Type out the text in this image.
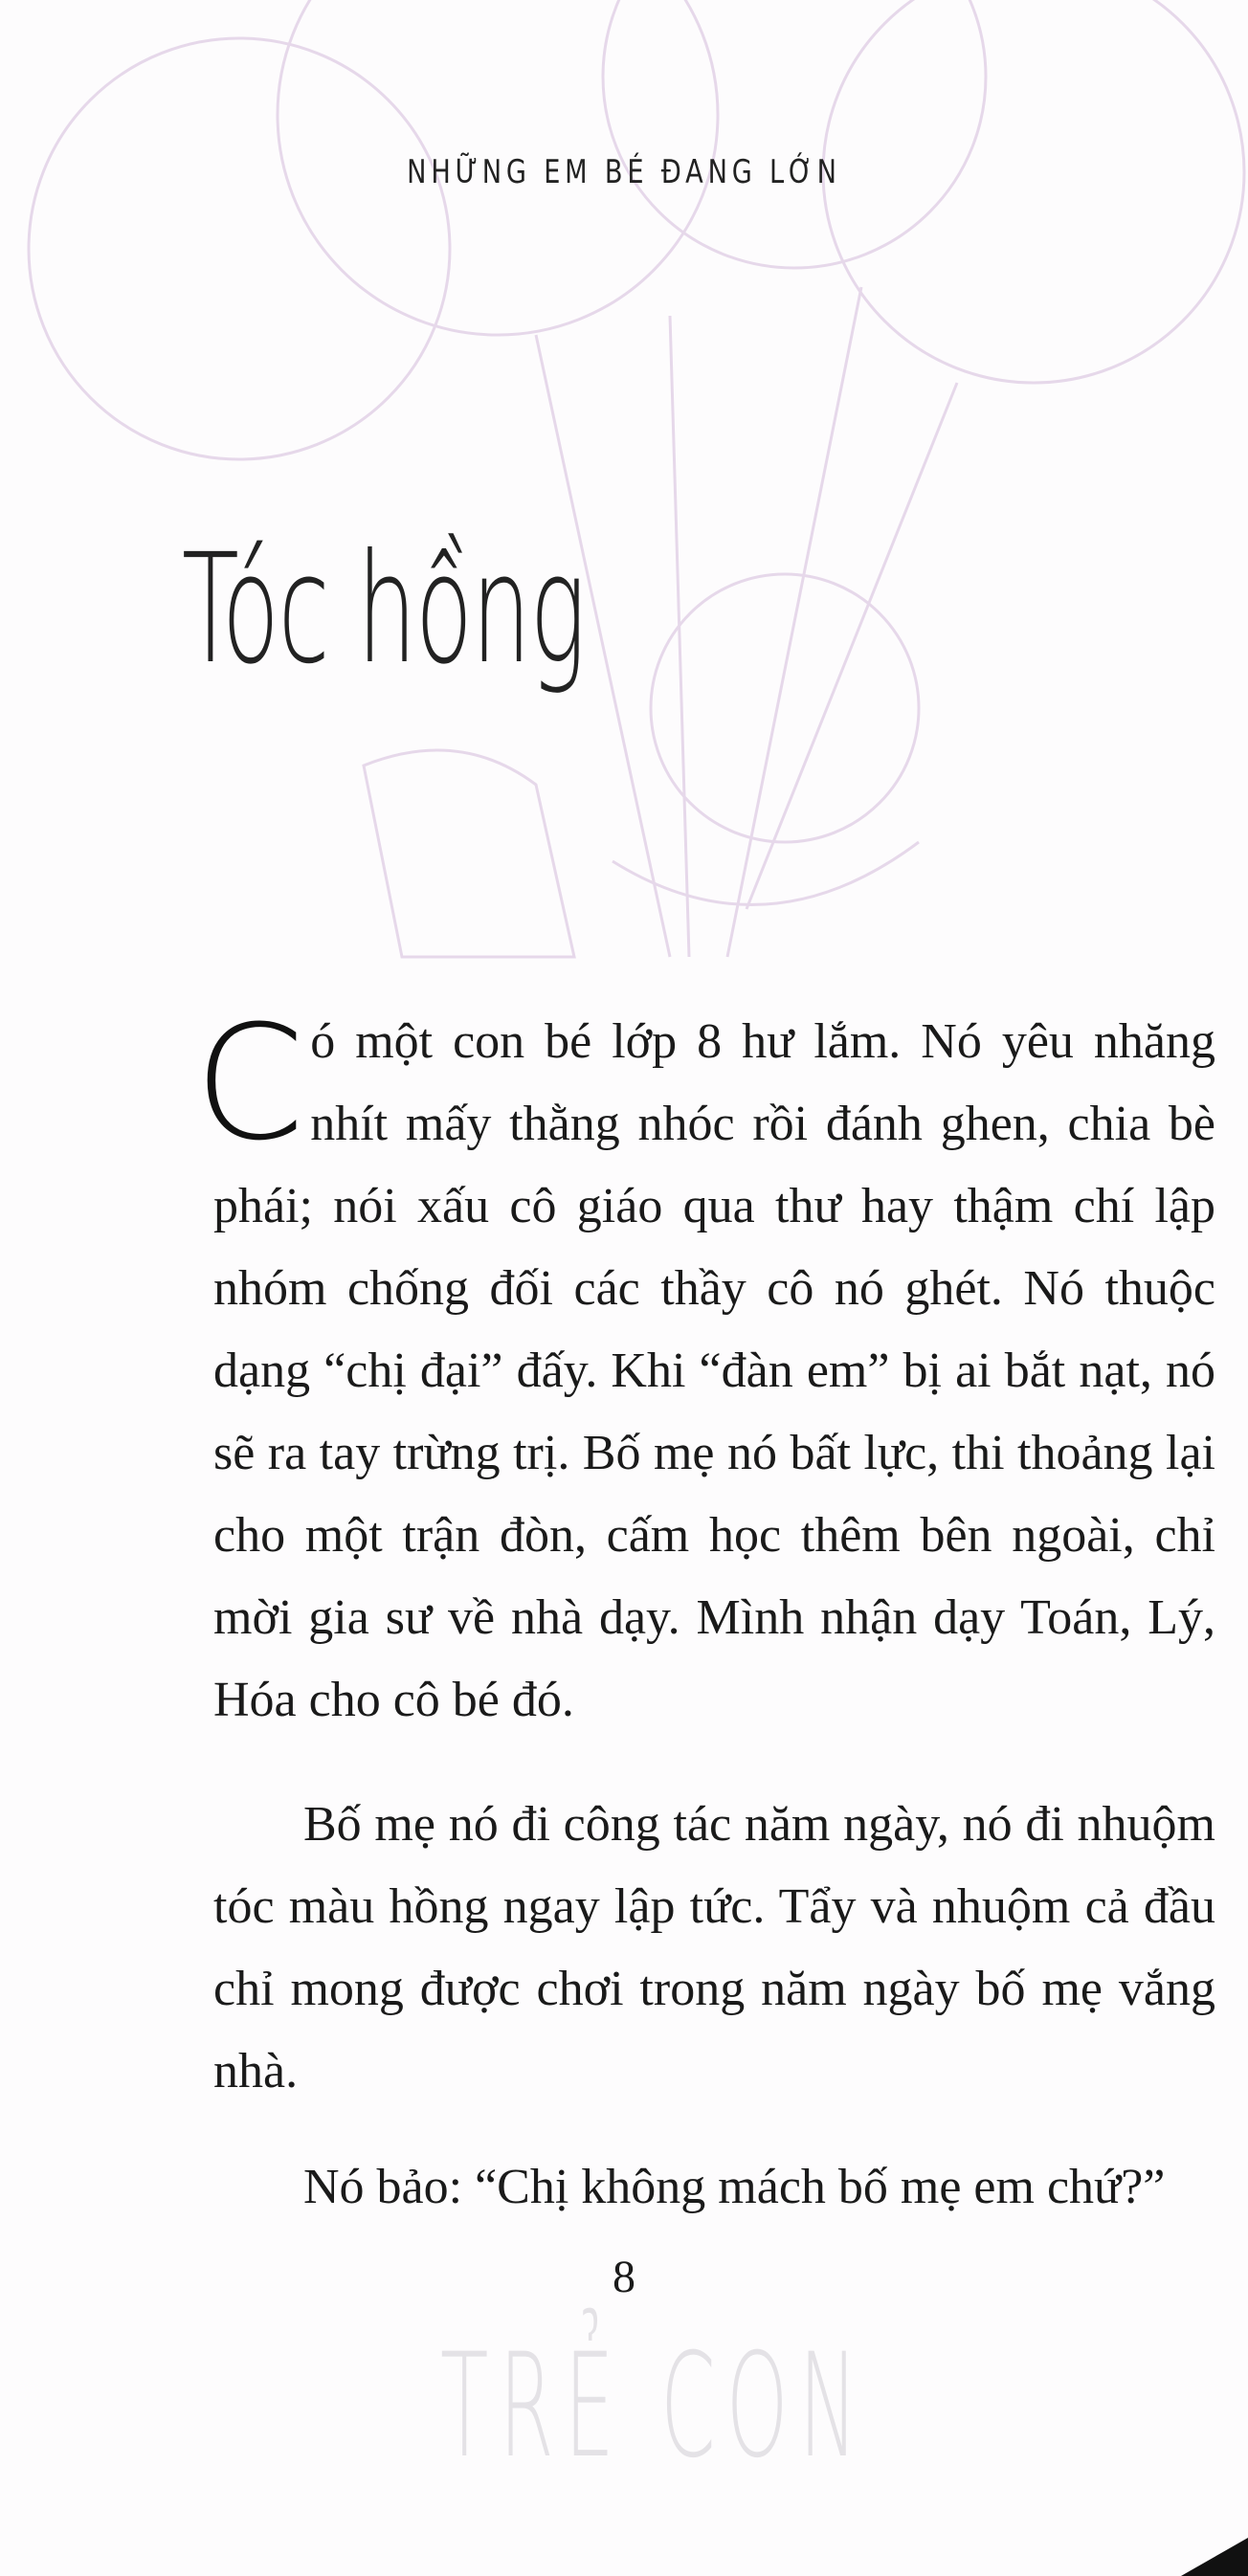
TRẺ CON
NHỮNG EM BÉ ĐANG LỚN
Tóc hồng
Có một con bé lớp 8 hư lắm. Nó yêu nhăng nhít mấy thằng nhóc rồi đánh ghen, chia bè phái; nói xấu cô giáo qua thư hay thậm chí lập nhóm chống đối các thầy cô nó ghét. Nó thuộc dạng “chị đại” đấy. Khi “đàn em” bị ai bắt nạt, nó sẽ ra tay trừng trị. Bố mẹ nó bất lực, thi thoảng lại cho một trận đòn, cấm học thêm bên ngoài, chỉ mời gia sư về nhà dạy. Mình nhận dạy Toán, Lý, Hóa cho cô bé đó.
Bố mẹ nó đi công tác năm ngày, nó đi nhuộm tóc màu hồng ngay lập tức. Tẩy và nhuộm cả đầu chỉ mong được chơi trong năm ngày bố mẹ vắng nhà.
Nó bảo: “Chị không mách bố mẹ em chứ?”
8
